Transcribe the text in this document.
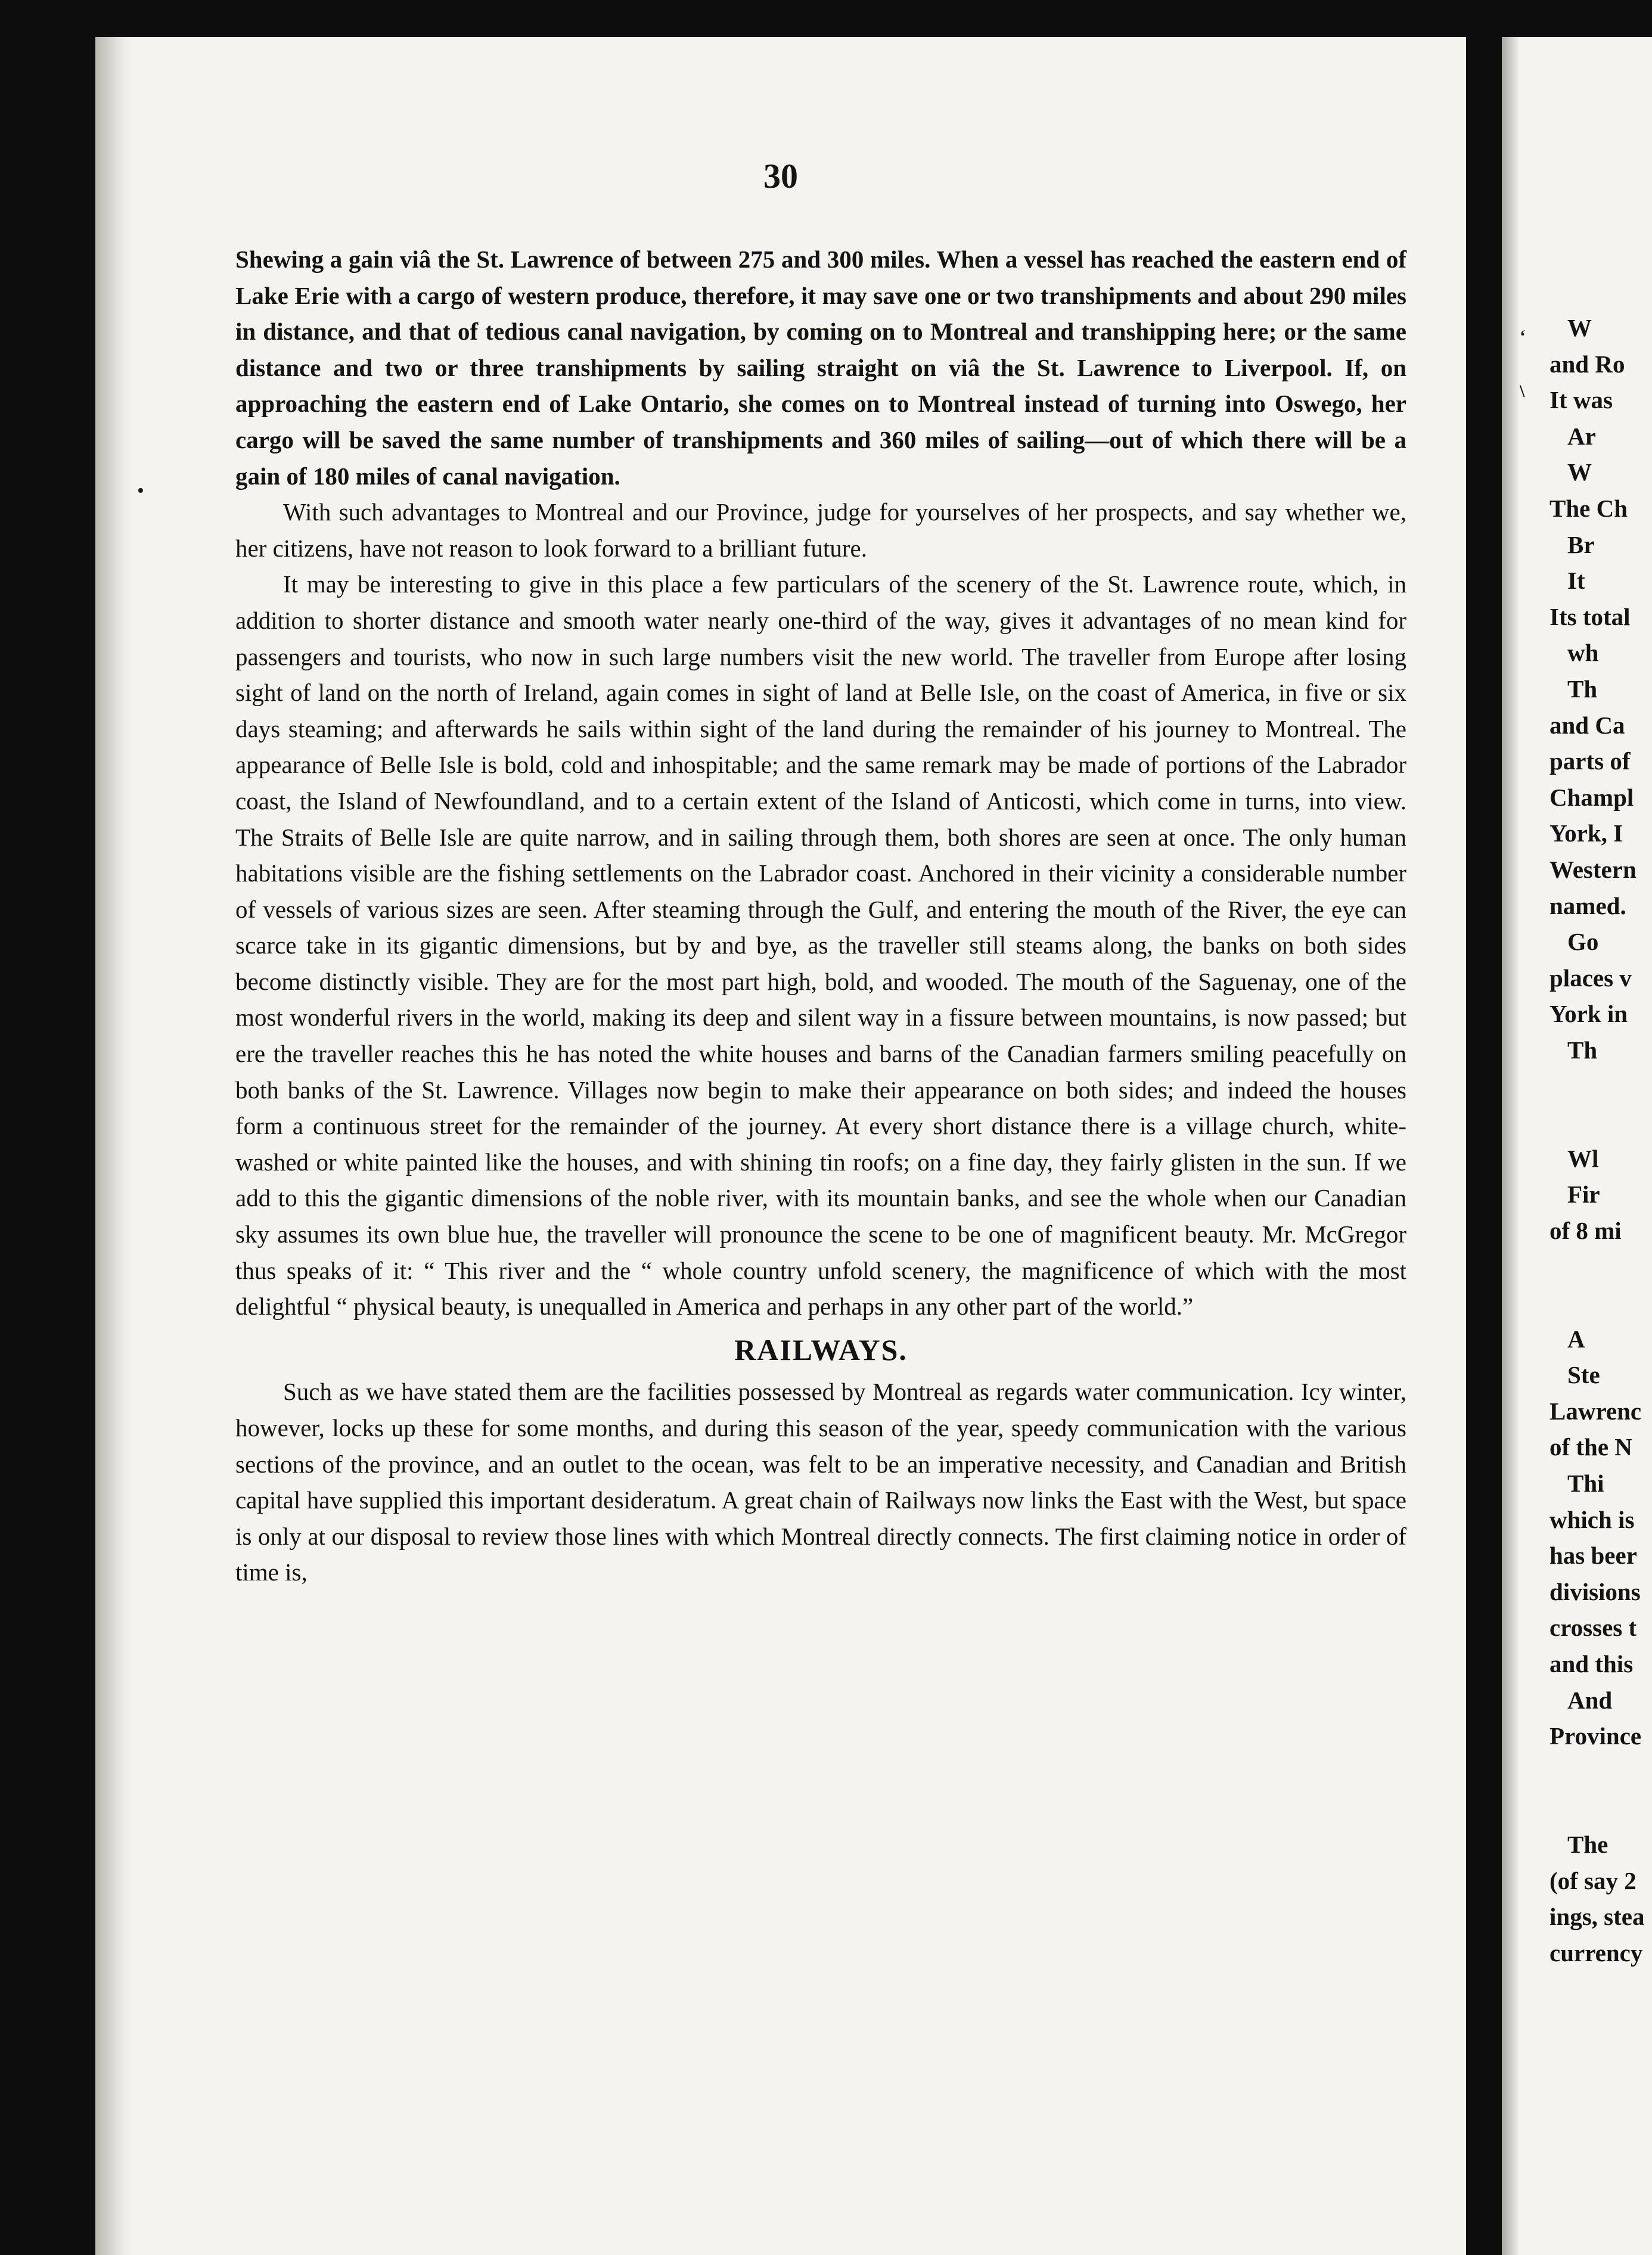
30

Shewing a gain viâ the St. Lawrence of between 275 and 300 miles. When a vessel has reached the eastern end of Lake Erie with a cargo of western produce, therefore, it may save one or two transhipments and about 290 miles in distance, and that of tedious canal navigation, by coming on to Montreal and transhipping here; or the same distance and two or three transhipments by sailing straight on viâ the St. Lawrence to Liverpool. If, on approaching the eastern end of Lake Ontario, she comes on to Montreal instead of turning into Oswego, her cargo will be saved the same number of transhipments and 360 miles of sailing—out of which there will be a gain of 180 miles of canal navigation.

With such advantages to Montreal and our Province, judge for yourselves of her prospects, and say whether we, her citizens, have not reason to look forward to a brilliant future.

It may be interesting to give in this place a few particulars of the scenery of the St. Lawrence route, which, in addition to shorter distance and smooth water nearly one-third of the way, gives it advantages of no mean kind for passengers and tourists, who now in such large numbers visit the new world. The traveller from Europe after losing sight of land on the north of Ireland, again comes in sight of land at Belle Isle, on the coast of America, in five or six days steaming; and afterwards he sails within sight of the land during the remainder of his journey to Montreal. The appearance of Belle Isle is bold, cold and inhospitable; and the same remark may be made of portions of the Labrador coast, the Island of Newfoundland, and to a certain extent of the Island of Anticosti, which come in turns, into view. The Straits of Belle Isle are quite narrow, and in sailing through them, both shores are seen at once. The only human habitations visible are the fishing settlements on the Labrador coast. Anchored in their vicinity a considerable number of vessels of various sizes are seen. After steaming through the Gulf, and entering the mouth of the River, the eye can scarce take in its gigantic dimensions, but by and bye, as the traveller still steams along, the banks on both sides become distinctly visible. They are for the most part high, bold, and wooded. The mouth of the Saguenay, one of the most wonderful rivers in the world, making its deep and silent way in a fissure between mountains, is now passed; but ere the traveller reaches this he has noted the white houses and barns of the Canadian farmers smiling peacefully on both banks of the St. Lawrence. Villages now begin to make their appearance on both sides; and indeed the houses form a continuous street for the remainder of the journey. At every short distance there is a village church, white-washed or white painted like the houses, and with shining tin roofs; on a fine day, they fairly glisten in the sun. If we add to this the gigantic dimensions of the noble river, with its mountain banks, and see the whole when our Canadian sky assumes its own blue hue, the traveller will pronounce the scene to be one of magnificent beauty. Mr. McGregor thus speaks of it: “ This river and the “ whole country unfold scenery, the magnificence of which with the most delightful “ physical beauty, is unequalled in America and perhaps in any other part of the world.”

RAILWAYS.

Such as we have stated them are the facilities possessed by Montreal as regards water communication. Icy winter, however, locks up these for some months, and during this season of the year, speedy communication with the various sections of the province, and an outlet to the ocean, was felt to be an imperative necessity, and Canadian and British capital have supplied this important desideratum. A great chain of Railways now links the East with the West, but space is only at our disposal to review those lines with which Montreal directly connects. The first claiming notice in order of time is,

W
and Ro
It was
Ar
W
The Ch
Br
It
Its total
wh
Th
and Ca
parts of
Champl
York, I
Western
named.
Go
places v
York in
Th
Wl
Fir
of 8 mi
A
Ste
Lawrenc
of the N
Thi
which is
has beer
divisions
crosses t
and this
And
Province
The
(of say 2
ings, stea
currency
‘
\
•
